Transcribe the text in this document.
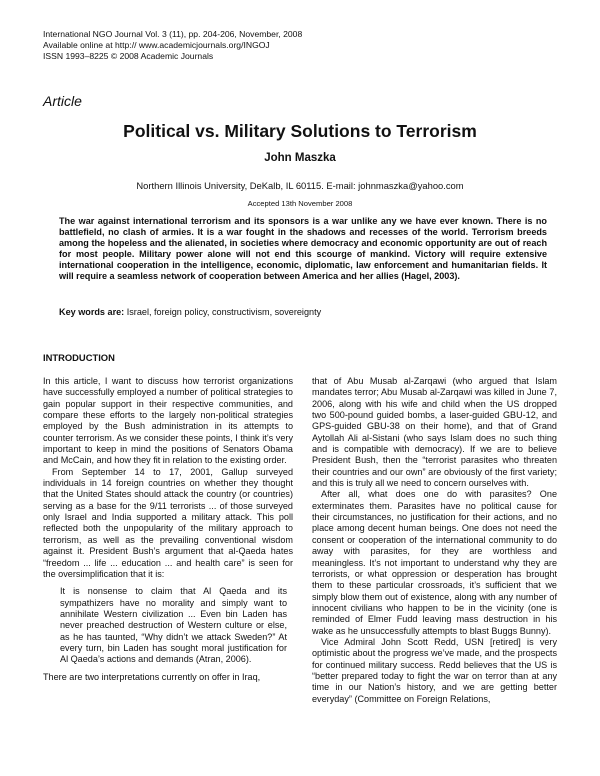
International NGO Journal Vol. 3 (11), pp. 204-206, November, 2008
Available online at http:// www.academicjournals.org/INGOJ
ISSN 1993–8225 © 2008 Academic Journals
Article
Political vs. Military Solutions to Terrorism
John Maszka
Northern Illinois University, DeKalb, IL 60115. E-mail: johnmaszka@yahoo.com
Accepted 13th November 2008
The war against international terrorism and its sponsors is a war unlike any we have ever known. There is no battlefield, no clash of armies. It is a war fought in the shadows and recesses of the world. Terrorism breeds among the hopeless and the alienated, in societies where democracy and economic opportunity are out of reach for most people. Military power alone will not end this scourge of mankind. Victory will require extensive international cooperation in the intelligence, economic, diplomatic, law enforcement and humanitarian fields. It will require a seamless network of cooperation between America and her allies (Hagel, 2003).
Key words are: Israel, foreign policy, constructivism, sovereignty
INTRODUCTION

In this article, I want to discuss how terrorist organizations have successfully employed a number of political strategies to gain popular support in their respective communities, and compare these efforts to the largely non-political strategies employed by the Bush administration in its attempts to counter terrorism. As we consider these points, I think it’s very important to keep in mind the positions of Senators Obama and McCain, and how they fit in relation to the existing order.

From September 14 to 17, 2001, Gallup surveyed individuals in 14 foreign countries on whether they thought that the United States should attack the country (or countries) serving as a base for the 9/11 terrorists ... of those surveyed only Israel and India supported a military attack. This poll reflected both the unpopularity of the military approach to terrorism, as well as the prevailing conventional wisdom against it. President Bush’s argument that al-Qaeda hates “freedom ... life ... education ... and health care” is seen for the oversimplification that it is:

It is nonsense to claim that Al Qaeda and its sympathizers have no morality and simply want to annihilate Western civilization ... Even bin Laden has never preached destruction of Western culture or else, as he has taunted, “Why didn’t we attack Sweden?” At every turn, bin Laden has sought moral justification for Al Qaeda’s actions and demands (Atran, 2006).

There are two interpretations currently on offer in Iraq,

that of Abu Musab al-Zarqawi (who argued that Islam mandates terror; Abu Musab al-Zarqawi was killed in June 7, 2006, along with his wife and child when the US dropped two 500-pound guided bombs, a laser-guided GBU-12, and GPS-guided GBU-38 on their home), and that of Grand Aytollah Ali al-Sistani (who says Islam does no such thing and is compatible with democracy). If we are to believe President Bush, then the “terrorist parasites who threaten their countries and our own” are obviously of the first variety; and this is truly all we need to concern ourselves with.

After all, what does one do with parasites? One exterminates them. Parasites have no political cause for their circumstances, no justification for their actions, and no place among decent human beings. One does not need the consent or cooperation of the international community to do away with parasites, for they are worthless and meaningless. It’s not important to understand why they are terrorists, or what oppression or desperation has brought them to these particular crossroads, it’s sufficient that we simply blow them out of existence, along with any number of innocent civilians who happen to be in the vicinity (one is reminded of Elmer Fudd leaving mass destruction in his wake as he unsuccessfully attempts to blast Buggs Bunny).

Vice Admiral John Scott Redd, USN [retired] is very optimistic about the progress we’ve made, and the prospects for continued military success. Redd believes that the US is “better prepared today to fight the war on terror than at any time in our Nation’s history, and we are getting better everyday” (Committee on Foreign Relations,
